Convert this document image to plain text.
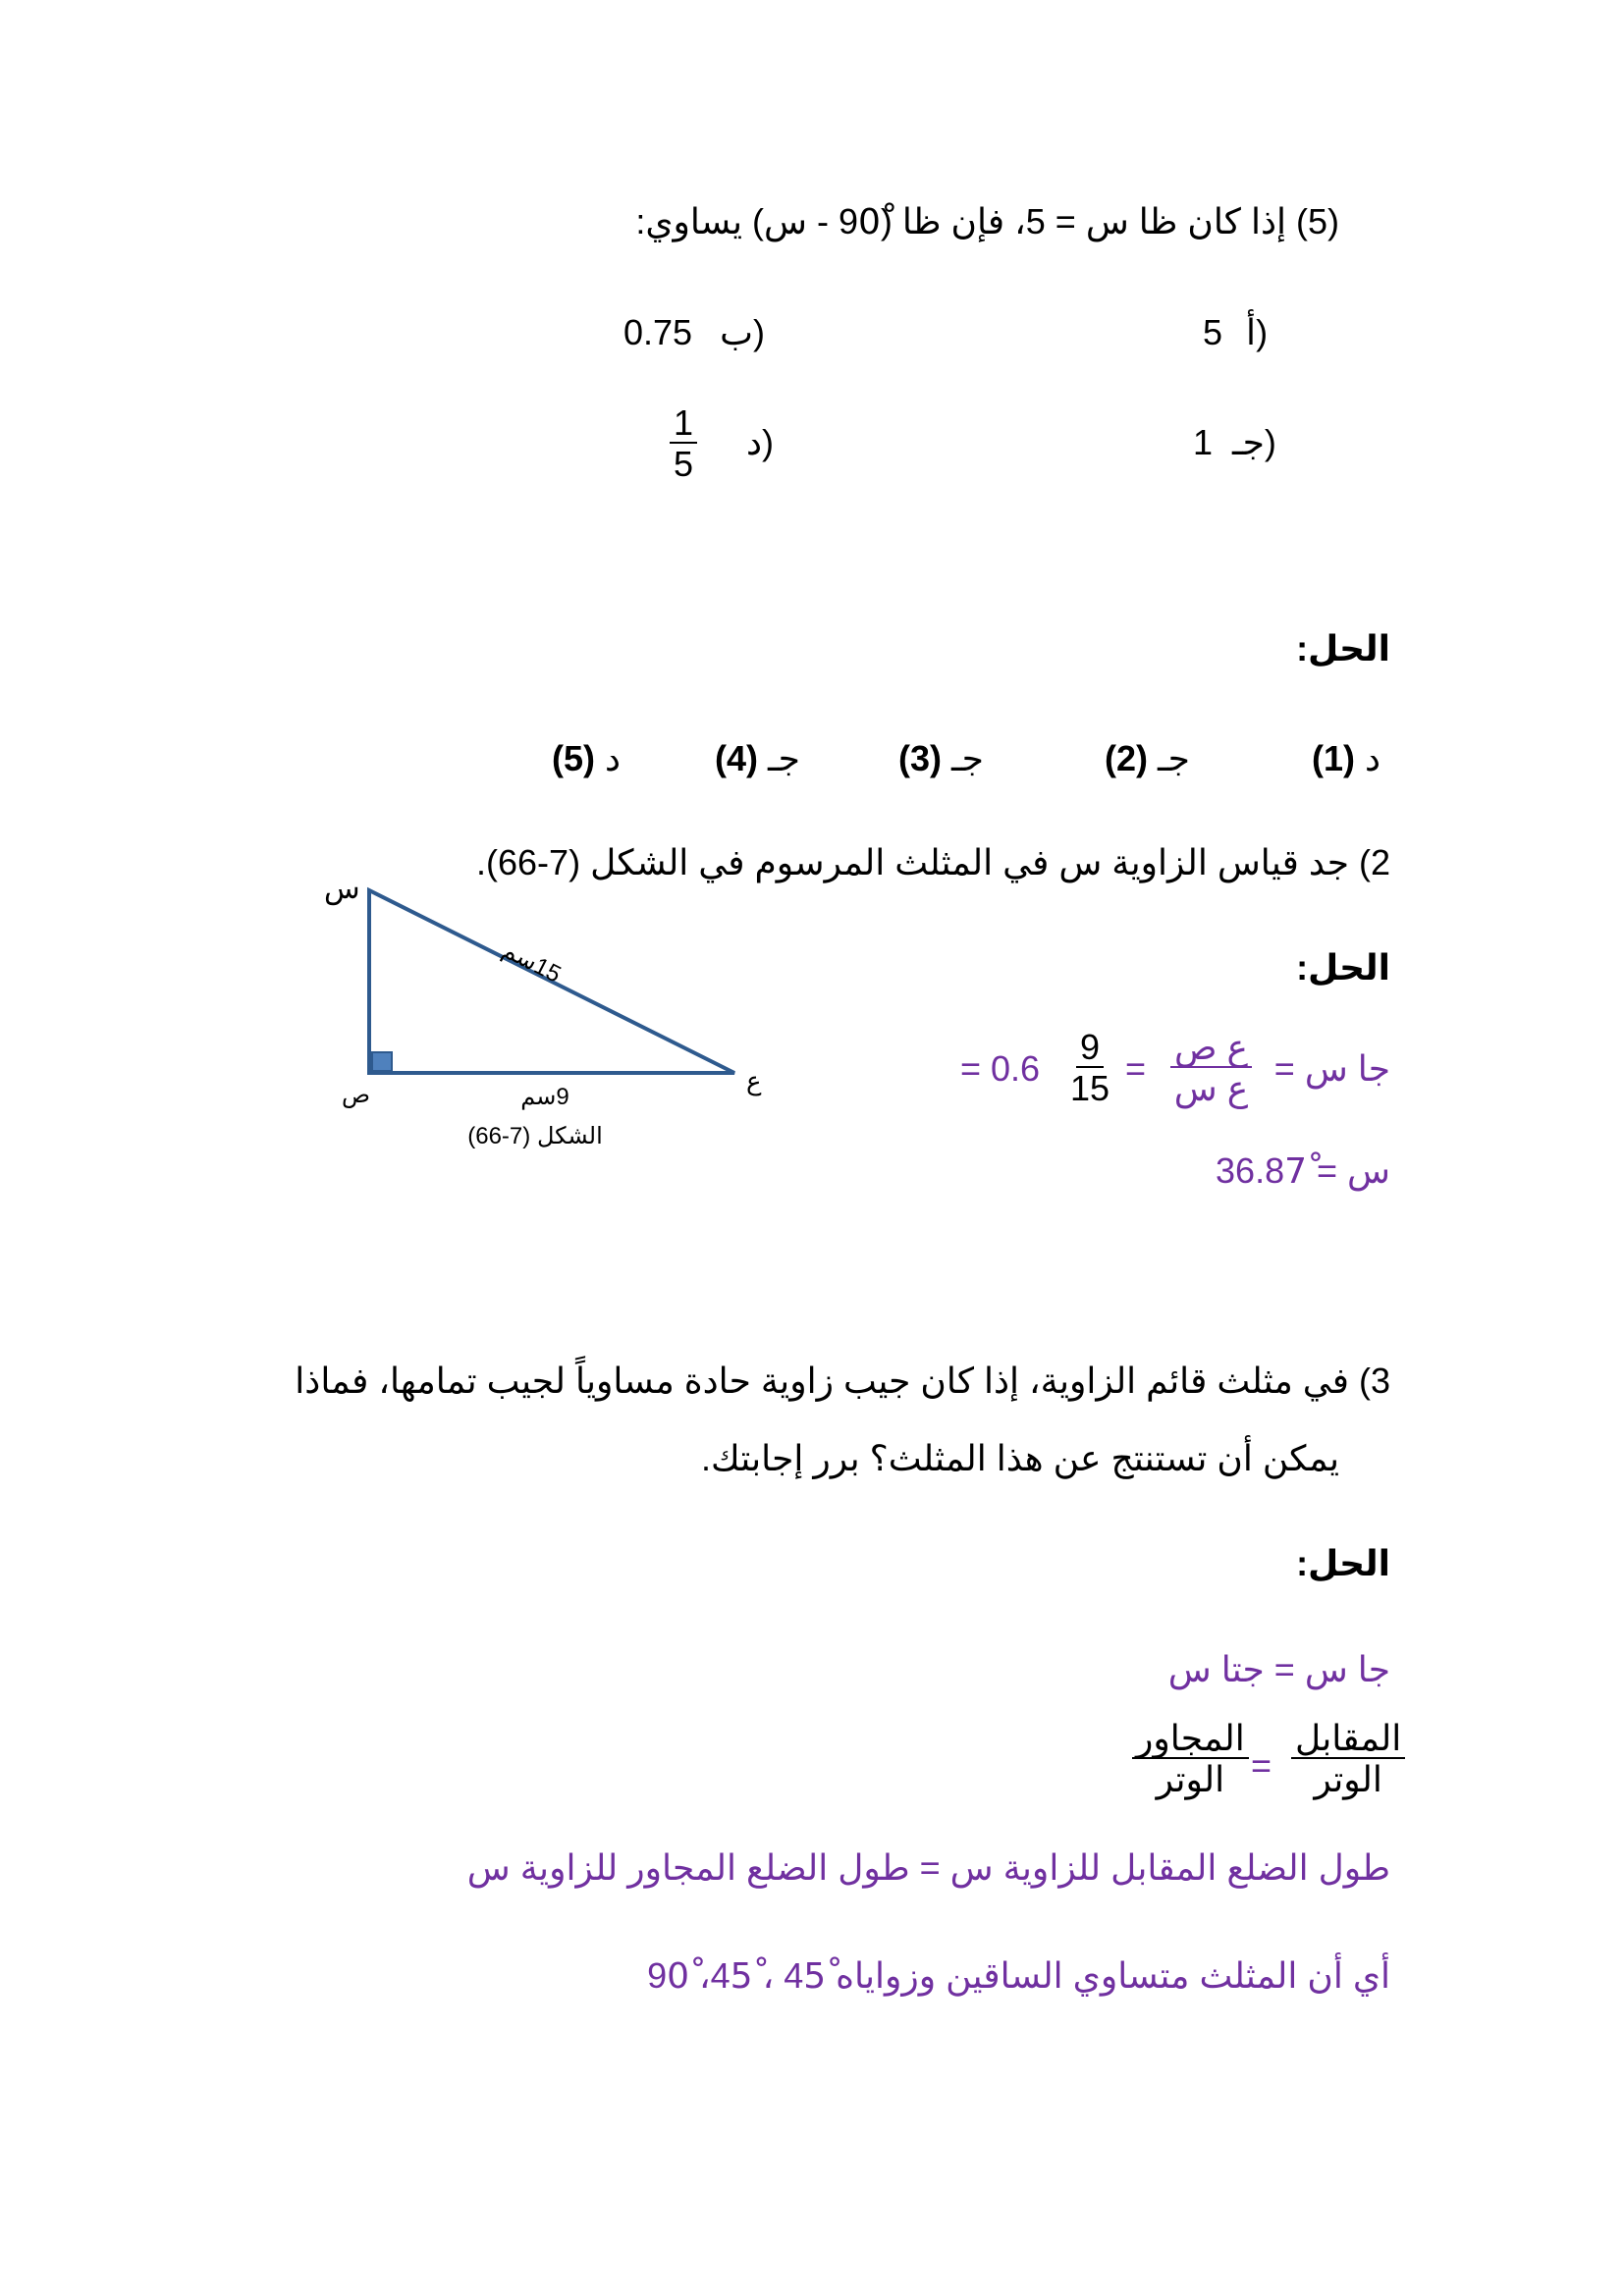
(5) إذا كان ظا س = 5، فإن ظا (90ْ - س) يساوي:
5 أ)
0.75 ب)
1 جـ)
$\frac{1}{5}$ د)
الحل:
د (1)
جـ (2)
جـ (3)
جـ (4)
د (5)
2) جد قياس الزاوية س في المثلث المرسوم في الشكل (7-66).
الحل:
جا س =
ع ص
ع س
=
$\frac{9}{15}$
= 0.6
س = 36.87ْ
س
ص	ع
15سم
9سم
الشكل (7-66)
3) في مثلث قائم الزاوية، إذا كان جيب زاوية حادة مساوياً لجيب تمامها، فماذا
يمكن أن تستنتج عن هذا المثلث؟ برر إجابتك.
الحل:
جا س = جتا س
المقابل
الوتر
=
المجاور
الوتر
طول الضلع المقابل للزاوية س = طول الضلع المجاور للزاوية س
أي أن المثلث متساوي الساقين وزواياه 45ْ ، 45ْ، 90ْ
